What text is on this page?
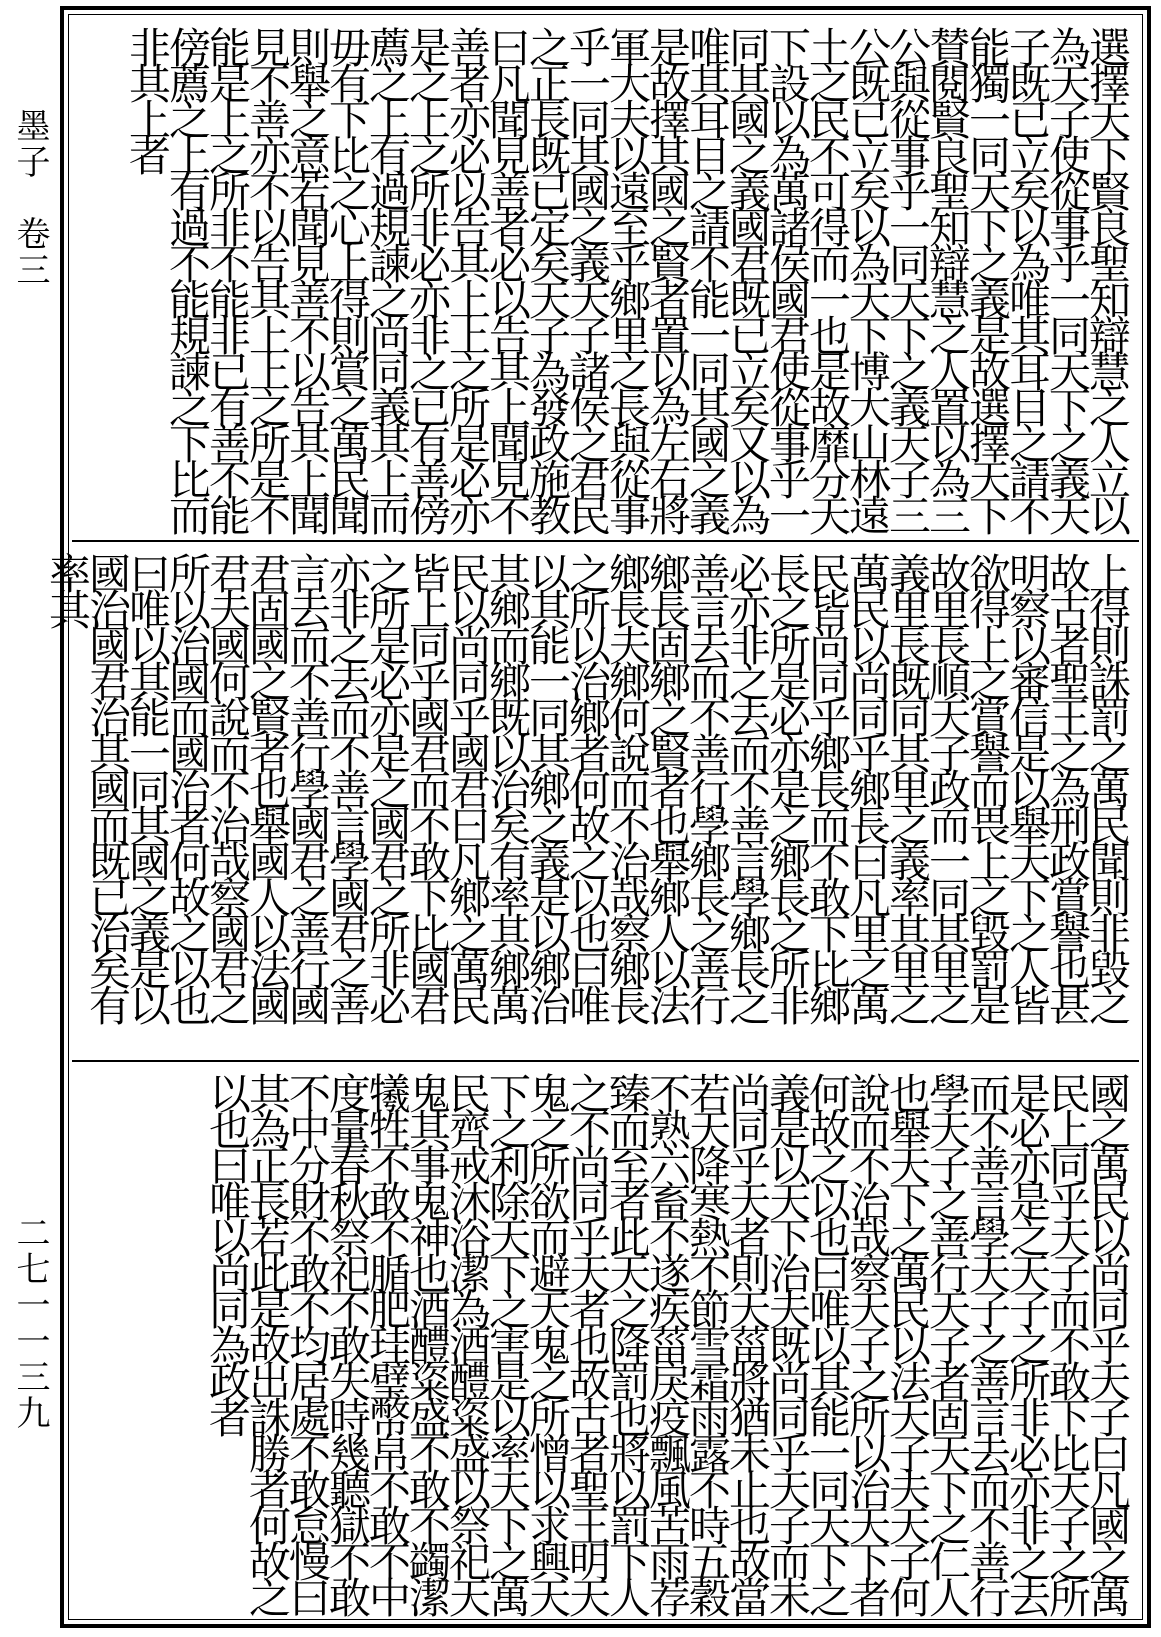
墨子　卷三
二七一一三九
選擇天下賢良聖知辯慧之人立以為天子使從事乎一同天下之義天子既已立矣以為唯其耳目之請不能獨一同天下之義是故選擇天下賛閱賢良聖知辯慧之人置以為三公與從事乎一同天下之義天子三公既已立矣以為天下博大山林遠土之民不可得而一也是故靡分天下設以為萬諸侯國君使從事乎一同其國之義國君既已立矣又以為唯其耳目之請不能一同其國之義是故擇其國之賢者置以為左右將軍大夫以遠至乎鄉里之長與從事乎一同其國之義天子諸侯之君民之正長既已定矣天子為發政施教曰凡聞見善者必以告其上聞見不善者亦必以告其上上之所是必亦是之上之所非必亦非之已有善傍薦之上有過規諫之尚同義其上而毋有下比之心上得則賞之萬民聞則舉之意若聞見善不以告其上聞見不善亦不以告其上上之所是不能是上之所非不能非已有善不能傍薦之上有過不能規諫之下比而非其上者
上得則誅罰之萬民聞則非毀之故古者聖王之為刑政賞譽也甚明察以審信是以舉天下之人皆欲得上之賞譽而畏上之毀罰是故里長順天子政而一同其里之義里長既同其里之義率其里之萬民以尚同乎鄉長曰凡里之萬民皆尚同乎鄉長而不敢下比鄉長之所是必亦是之鄉長之所非必亦非之去而不善言學鄉長之善言去而不善行學鄉長之善行鄉長固鄉之賢者也舉鄉人以法鄉長夫鄉何說而不治哉察鄉長之所以治鄉者何故之以也曰唯以其能一同其鄉之義是以鄉治其鄉而鄉既以治矣有率其鄉萬民以尚同乎國君曰凡鄉之萬民皆上同乎國君而不敢下比國君之所是必亦是之國君之所非必亦非之去而不善言學國君之善言去而不善行學國君之善行國君固國之賢者也舉國人以法國君夫國何說而不治哉察國君之所以治國而國治者何故之以也曰唯以其能一同其國之義是以國治國君治其國而既已治矣有率其
國之萬民以尚同乎天子曰凡國之萬民上同乎天子而不敢下比天子之所是必亦是之天子之所非必亦非之去而不善言學天子之善言去而不善行學天子之善行天子者固天下之仁人也舉天下之萬民以法天子夫天子何說而不治哉察天子之所以治天下者何故之以也曰唯以其能一同天下之義是以天下治夫既尚同乎天子而未尚同乎天者則天菑將猶未止也故當若天降寒熱不節雪霜雨露不時五穀不熟六畜不遂疾菑戾疫飄風苦雨荐臻而至者此天之降罰也將以罰下人之不尚同乎天者也故古者聖王明天鬼之所欲而避天鬼之所憎以求興天下之利除天下之害是以率天下之萬民齊戒沐浴潔為酒醴粢盛以祭祀天鬼其事鬼神也酒醴粢盛不敢不蠲潔犧牲不敢不腯肥珪璧幣帛不敢不中度量春秋祭祀不敢失時幾聽獄不敢不中分財不敢不均居處不敢怠慢曰其為正長若此是故出誅勝者何故之以也曰唯以尚同為政者
